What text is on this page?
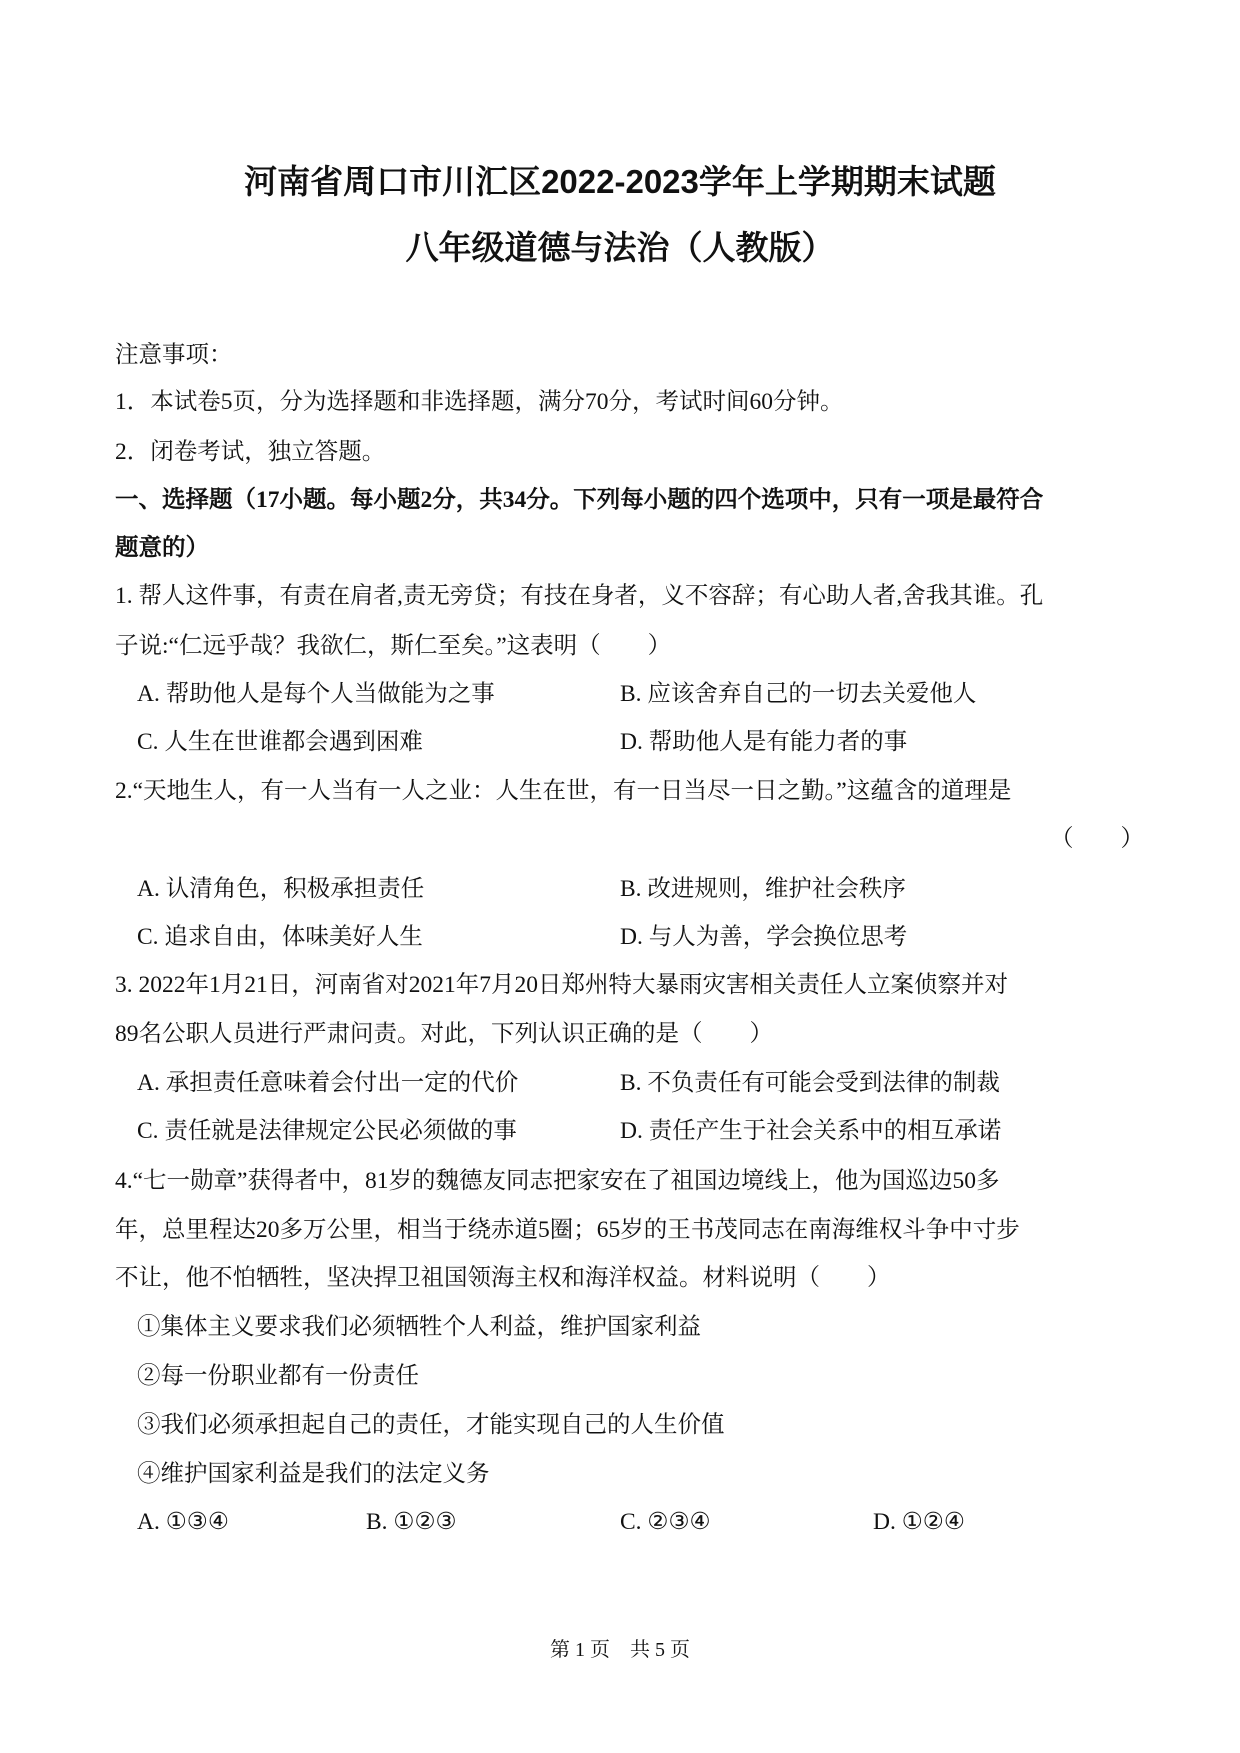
河南省周口市川汇区2022-2023学年上学期期末试题
八年级道德与法治（人教版）
注意事项：
1．本试卷5页，分为选择题和非选择题，满分70分，考试时间60分钟。
2．闭卷考试，独立答题。
一、选择题（17小题。每小题2分，共34分。下列每小题的四个选项中，只有一项是最符合
题意的）
1. 帮人这件事，有责在肩者,责无旁贷；有技在身者，义不容辞；有心助人者,舍我其谁。孔
子说:“仁远乎哉？我欲仁，斯仁至矣。”这表明（　　）
A. 帮助他人是每个人当做能为之事	B. 应该舍弃自己的一切去关爱他人
C. 人生在世谁都会遇到困难	D. 帮助他人是有能力者的事
2.“天地生人，有一人当有一人之业：人生在世，有一日当尽一日之勤。”这蕴含的道理是
（　　）
A. 认清角色，积极承担责任	B. 改进规则，维护社会秩序
C. 追求自由，体味美好人生	D. 与人为善，学会换位思考
3. 2022年1月21日，河南省对2021年7月20日郑州特大暴雨灾害相关责任人立案侦察并对
89名公职人员进行严肃问责。对此，下列认识正确的是（　　）
A. 承担责任意味着会付出一定的代价	B. 不负责任有可能会受到法律的制裁
C. 责任就是法律规定公民必须做的事	D. 责任产生于社会关系中的相互承诺
4.“七一勋章”获得者中，81岁的魏德友同志把家安在了祖国边境线上，他为国巡边50多
年，总里程达20多万公里，相当于绕赤道5圈；65岁的王书茂同志在南海维权斗争中寸步
不让，他不怕牺牲，坚决捍卫祖国领海主权和海洋权益。材料说明（　　）
①集体主义要求我们必须牺牲个人利益，维护国家利益
②每一份职业都有一份责任
③我们必须承担起自己的责任，才能实现自己的人生价值
④维护国家利益是我们的法定义务
A. ①③④	B. ①②③	C. ②③④	D. ①②④
第 1 页　共 5 页
